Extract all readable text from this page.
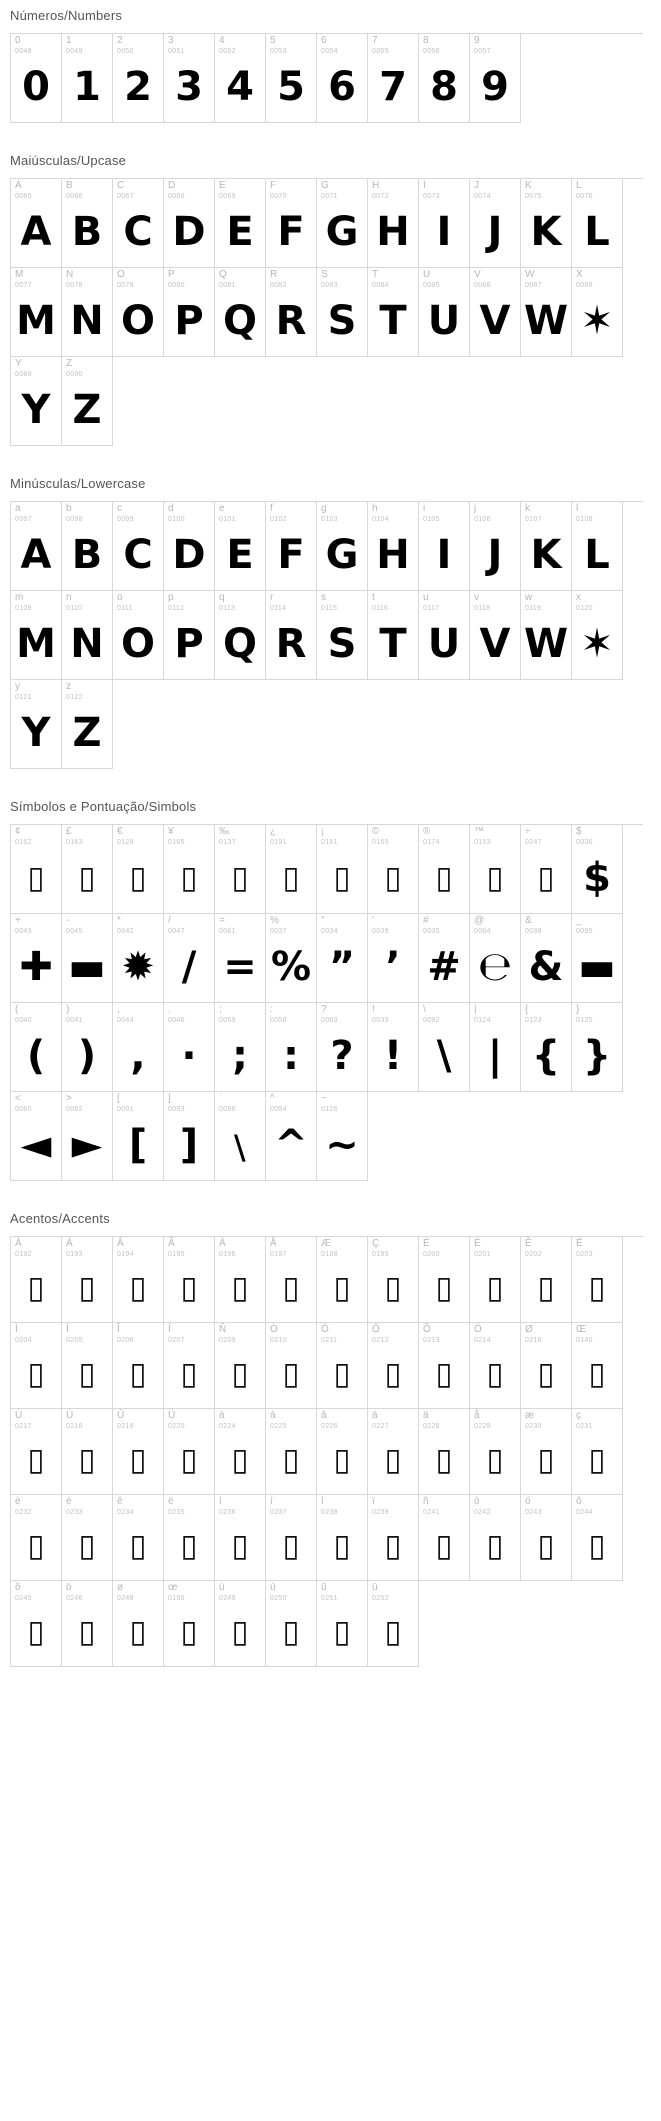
Números/Numbers
0
0048
0
1
0049
1
2
0050
2
3
0051
3
4
0052
4
5
0053
5
6
0054
6
7
0055
7
8
0056
8
9
0057
9
Maiúsculas/Upcase
A
0065
A
B
0066
B
C
0067
C
D
0068
D
E
0069
E
F
0070
F
G
0071
G
H
0072
H
I
0073
I
J
0074
J
K
0075
K
L
0076
L
M
0077
M
N
0078
N
O
0079
O
P
0080
P
Q
0081
Q
R
0082
R
S
0083
S
T
0084
T
U
0085
U
V
0086
V
W
0087
W
X
0088
✶
Y
0089
Y
Z
0090
Z
Minúsculas/Lowercase
a
0097
A
b
0098
B
c
0099
C
d
0100
D
e
0101
E
f
0102
F
g
0103
G
h
0104
H
i
0105
I
j
0106
J
k
0107
K
l
0108
L
m
0109
M
n
0110
N
o
0111
O
p
0112
P
q
0113
Q
r
0114
R
s
0115
S
t
0116
T
u
0117
U
v
0118
V
w
0119
W
x
0120
✶
y
0121
Y
z
0122
Z
Símbolos e Pontuação/Simbols
¢
0162
▯
£
0163
▯
€
0128
▯
¥
0165
▯
‰
0137
▯
¿
0191
▯
¡
0161
▯
©
0169
▯
®
0174
▯
™
0153
▯
÷
0247
▯
$
0036
$
+
0043
✚
-
0045
▬
*
0042
✹
/
0047
/
=
0061
=
%
0037
%
"
0034
”
'
0039
’
#
0035
#
@
0064
℮
&
0038
&
_
0095
▬
(
0040
(
)
0041
)
,
0044
,
.
0046
·
;
0059
;
:
0058
:
?
0063
?
!
0033
!
\
0092
\
|
0124
|
{
0123
{
}
0125
}
<
0060
◄
>
0062
►
[
0091
[
]
0093
]
`
0096
﹨
^
0094
^
~
0126
~
Acentos/Accents
À
0192
▯
Á
0193
▯
Â
0194
▯
Ã
0195
▯
Ä
0196
▯
Å
0197
▯
Æ
0198
▯
Ç
0199
▯
È
0200
▯
É
0201
▯
Ê
0202
▯
Ë
0203
▯
Ì
0204
▯
Í
0205
▯
Î
0206
▯
Ï
0207
▯
Ñ
0209
▯
Ò
0210
▯
Ó
0211
▯
Ô
0212
▯
Õ
0213
▯
Ö
0214
▯
Ø
0216
▯
Œ
0140
▯
Ù
0217
▯
Ú
0218
▯
Û
0219
▯
Ü
0220
▯
à
0224
▯
á
0225
▯
â
0226
▯
ä
0227
▯
ä
0228
▯
å
0229
▯
æ
0230
▯
ç
0231
▯
è
0232
▯
é
0233
▯
ê
0234
▯
ë
0235
▯
ì
0236
▯
í
0237
▯
î
0238
▯
ï
0239
▯
ñ
0241
▯
ò
0242
▯
ó
0243
▯
ô
0244
▯
õ
0245
▯
ö
0246
▯
ø
0248
▯
œ
0156
▯
ù
0249
▯
ú
0250
▯
û
0251
▯
ü
0252
▯
